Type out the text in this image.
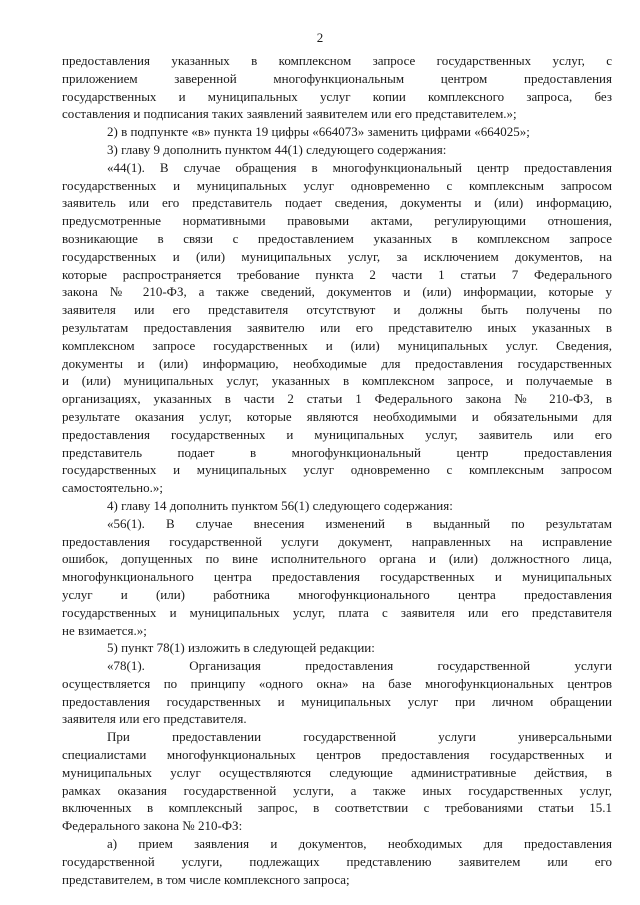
2
предоставления указанных в комплексном запросе государственных услуг, с
приложением заверенной многофункциональным центром предоставления
государственных и муниципальных услуг копии комплексного запроса, без
составления и подписания таких заявлений заявителем или его представителем.»;
2) в подпункте «в» пункта 19 цифры «664073» заменить цифрами «664025»;
3) главу 9 дополнить пунктом 44(1) следующего содержания:
«44(1). В случае обращения в многофункциональный центр предоставления
государственных и муниципальных услуг одновременно с комплексным запросом
заявитель или его представитель подает сведения, документы и (или) информацию,
предусмотренные нормативными правовыми актами, регулирующими отношения,
возникающие в связи с предоставлением указанных в комплексном запросе
государственных и (или) муниципальных услуг, за исключением документов, на
которые распространяется требование пункта 2 части 1 статьи 7 Федерального
закона № 210-ФЗ, а также сведений, документов и (или) информации, которые у
заявителя или его представителя отсутствуют и должны быть получены по
результатам предоставления заявителю или его представителю иных указанных в
комплексном запросе государственных и (или) муниципальных услуг. Сведения,
документы и (или) информацию, необходимые для предоставления государственных
и (или) муниципальных услуг, указанных в комплексном запросе, и получаемые в
организациях, указанных в части 2 статьи 1 Федерального закона № 210-ФЗ, в
результате оказания услуг, которые являются необходимыми и обязательными для
предоставления государственных и муниципальных услуг, заявитель или его
представитель подает в многофункциональный центр предоставления
государственных и муниципальных услуг одновременно с комплексным запросом
самостоятельно.»;
4) главу 14 дополнить пунктом 56(1) следующего содержания:
«56(1). В случае внесения изменений в выданный по результатам
предоставления государственной услуги документ, направленных на исправление
ошибок, допущенных по вине исполнительного органа и (или) должностного лица,
многофункционального центра предоставления государственных и муниципальных
услуг и (или) работника многофункционального центра предоставления
государственных и муниципальных услуг, плата с заявителя или его представителя
не взимается.»;
5) пункт 78(1) изложить в следующей редакции:
«78(1). Организация предоставления государственной услуги
осуществляется по принципу «одного окна» на базе многофункциональных центров
предоставления государственных и муниципальных услуг при личном обращении
заявителя или его представителя.
При предоставлении государственной услуги универсальными
специалистами многофункциональных центров предоставления государственных и
муниципальных услуг осуществляются следующие административные действия, в
рамках оказания государственной услуги, а также иных государственных услуг,
включенных в комплексный запрос, в соответствии с требованиями статьи 15.1
Федерального закона № 210-ФЗ:
а) прием заявления и документов, необходимых для предоставления
государственной услуги, подлежащих представлению заявителем или его
представителем, в том числе комплексного запроса;
